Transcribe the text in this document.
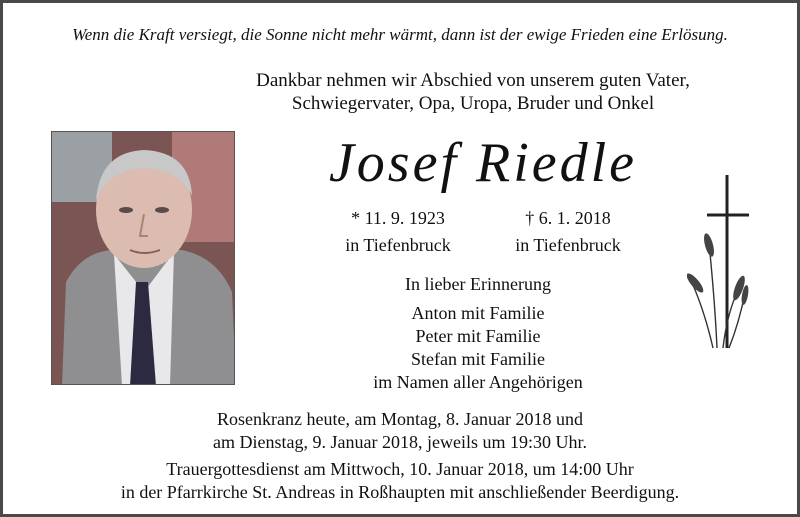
Wenn die Kraft versiegt, die Sonne nicht mehr wärmt, dann ist der ewige Frieden eine Erlösung.
Dankbar nehmen wir Abschied von unserem guten Vater,
Schwiegervater, Opa, Uropa, Bruder und Onkel
Josef Riedle
* 11. 9. 1923
in Tiefenbruck
† 6. 1. 2018
in Tiefenbruck
In lieber Erinnerung
Anton mit Familie
Peter mit Familie
Stefan mit Familie
im Namen aller Angehörigen
Rosenkranz heute, am Montag, 8. Januar 2018 und
am Dienstag, 9. Januar 2018, jeweils um 19:30 Uhr.
Trauergottesdienst am Mittwoch, 10. Januar 2018, um 14:00 Uhr
in der Pfarrkirche St. Andreas in Roßhaupten mit anschließender Beerdigung.
